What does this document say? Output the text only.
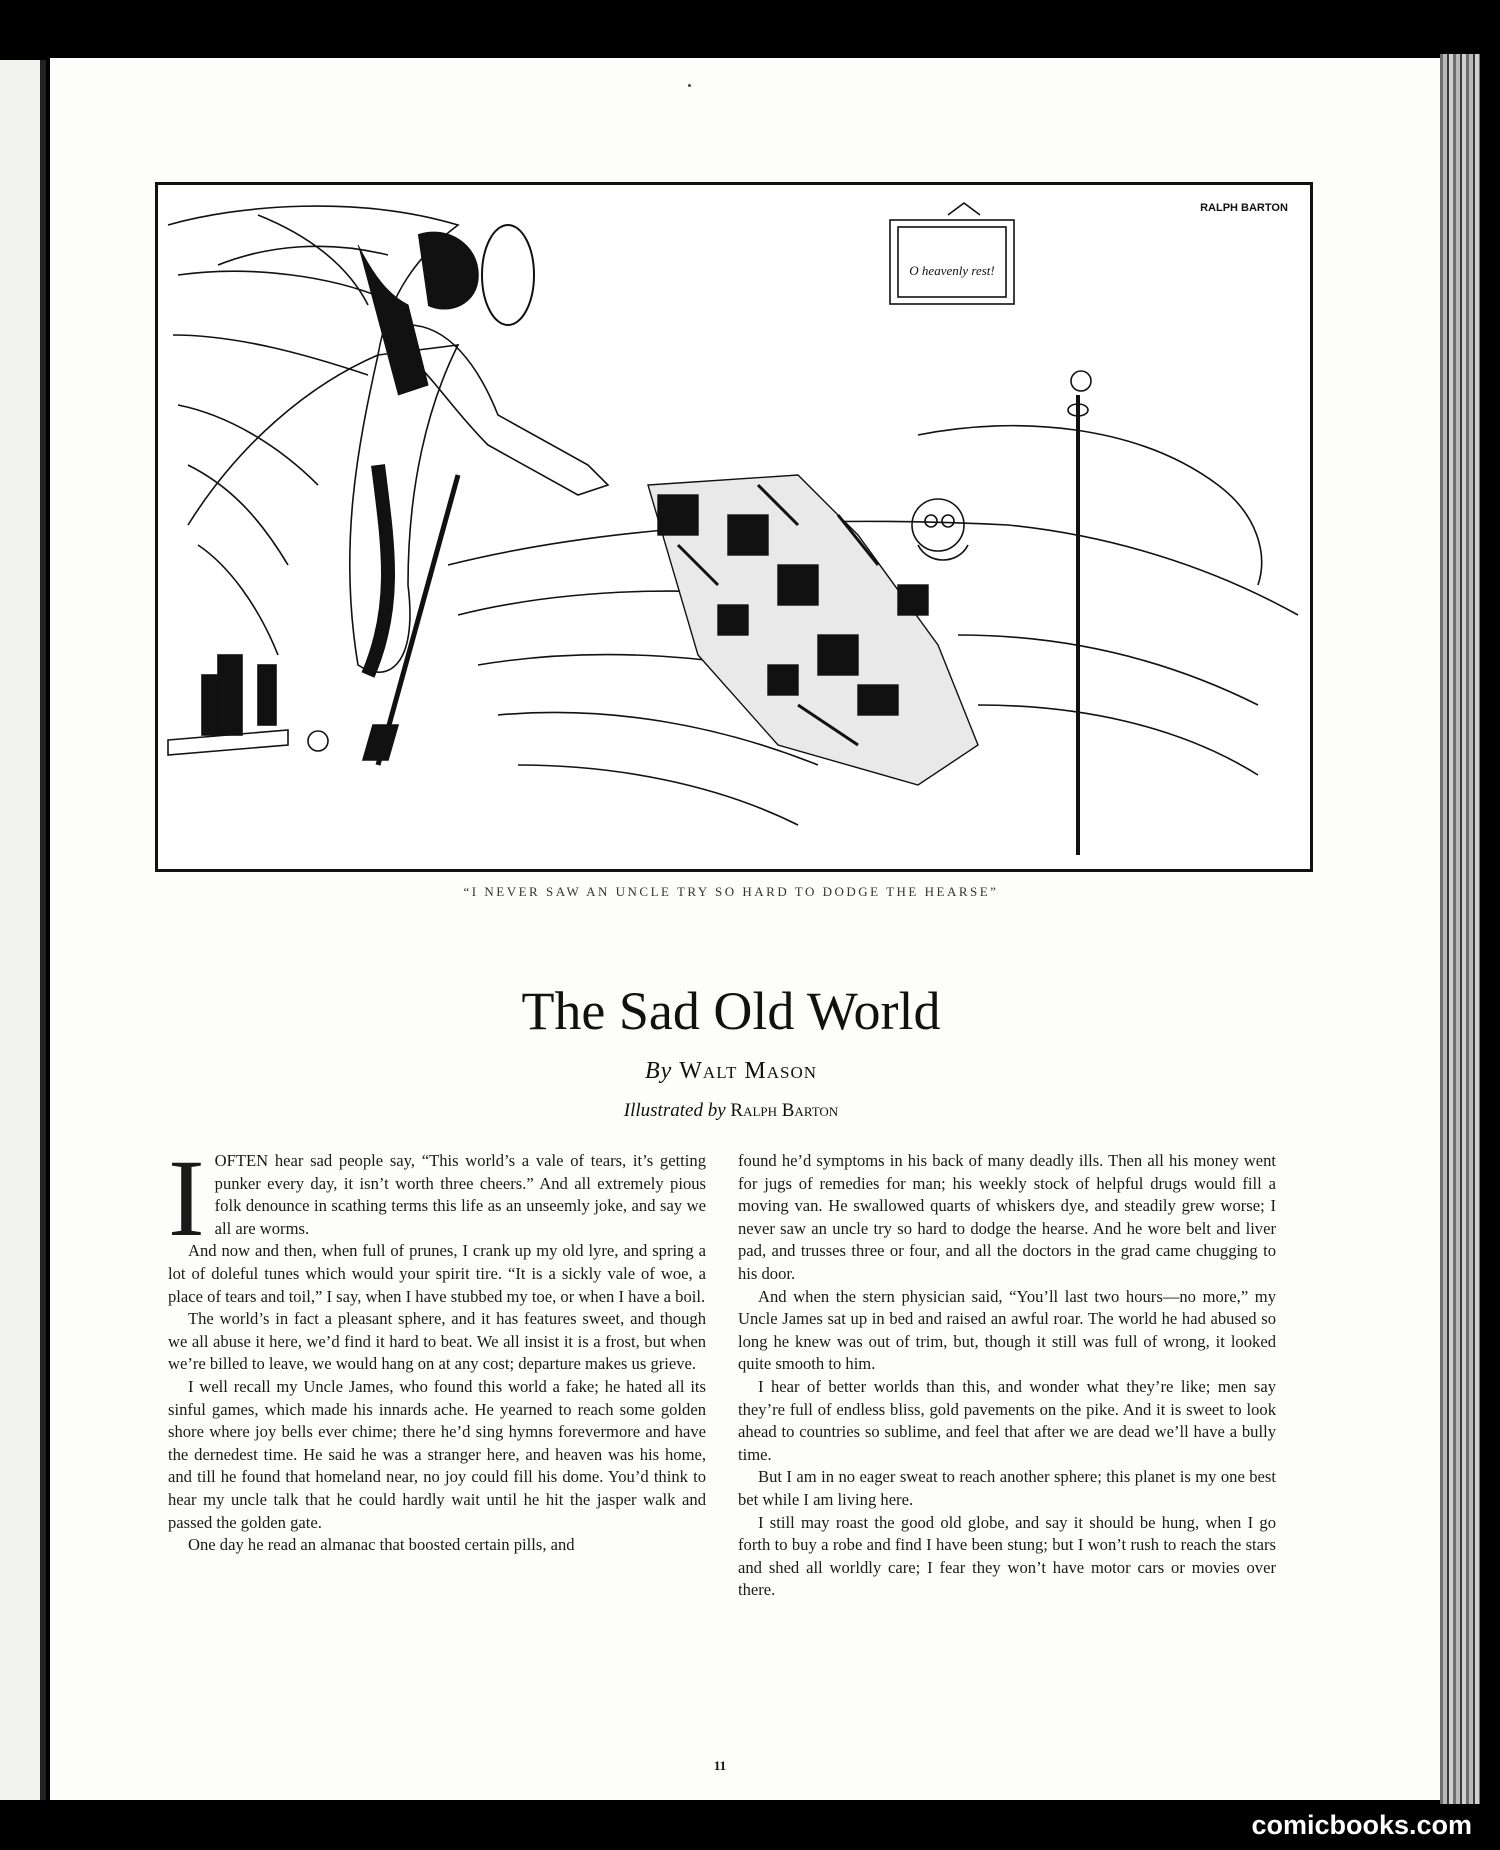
RALPH BARTON
O heavenly rest!
“I NEVER SAW AN UNCLE TRY SO HARD TO DODGE THE HEARSE”
The Sad Old World
By Walt Mason
Illustrated by Ralph Barton

IOFTEN hear sad people say, “This world’s a vale of tears, it’s getting punker every day, it isn’t worth three cheers.” And all extremely pious folk denounce in scathing terms this life as an unseemly joke, and say we all are worms.

And now and then, when full of prunes, I crank up my old lyre, and spring a lot of doleful tunes which would your spirit tire. “It is a sickly vale of woe, a place of tears and toil,” I say, when I have stubbed my toe, or when I have a boil.

The world’s in fact a pleasant sphere, and it has features sweet, and though we all abuse it here, we’d find it hard to beat. We all insist it is a frost, but when we’re billed to leave, we would hang on at any cost; departure makes us grieve.

I well recall my Uncle James, who found this world a fake; he hated all its sinful games, which made his innards ache. He yearned to reach some golden shore where joy bells ever chime; there he’d sing hymns forevermore and have the dernedest time. He said he was a stranger here, and heaven was his home, and till he found that homeland near, no joy could fill his dome. You’d think to hear my uncle talk that he could hardly wait until he hit the jasper walk and passed the golden gate.

One day he read an almanac that boosted certain pills, and

found he’d symptoms in his back of many deadly ills. Then all his money went for jugs of remedies for man; his weekly stock of helpful drugs would fill a moving van. He swallowed quarts of whiskers dye, and steadily grew worse; I never saw an uncle try so hard to dodge the hearse. And he wore belt and liver pad, and trusses three or four, and all the doctors in the grad came chugging to his door.

And when the stern physician said, “You’ll last two hours—no more,” my Uncle James sat up in bed and raised an awful roar. The world he had abused so long he knew was out of trim, but, though it still was full of wrong, it looked quite smooth to him.

I hear of better worlds than this, and wonder what they’re like; men say they’re full of endless bliss, gold pavements on the pike. And it is sweet to look ahead to countries so sublime, and feel that after we are dead we’ll have a bully time.

But I am in no eager sweat to reach another sphere; this planet is my one best bet while I am living here.

I still may roast the good old globe, and say it should be hung, when I go forth to buy a robe and find I have been stung; but I won’t rush to reach the stars and shed all worldly care; I fear they won’t have motor cars or movies over there.

11
comicbooks.com
